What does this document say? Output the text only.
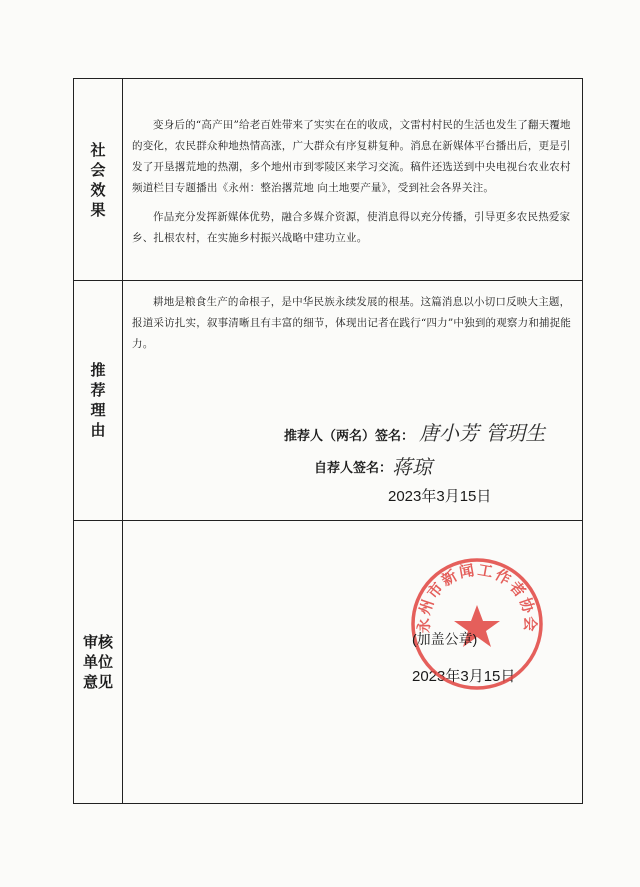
社
会
效
果

变身后的“高产田”给老百姓带来了实实在在的收成，文雷村村民的生活也发生了翻天覆地的变化，农民群众种地热情高涨，广大群众有序复耕复种。消息在新媒体平台播出后，更是引发了开垦撂荒地的热潮，多个地州市到零陵区来学习交流。稿件还选送到中央电视台农业农村频道栏目专题播出《永州：整治撂荒地 向土地要产量》，受到社会各界关注。

作品充分发挥新媒体优势，融合多媒介资源，使消息得以充分传播，引导更多农民热爱家乡、扎根农村，在实施乡村振兴战略中建功立业。

推
荐
理
由

耕地是粮食生产的命根子，是中华民族永续发展的根基。这篇消息以小切口反映大主题，报道采访扎实，叙事清晰且有丰富的细节，体现出记者在践行“四力”中独到的观察力和捕捉能力。

推荐人（两名）签名： 唐小芳 管玥生
自荐人签名： 蒋琼
2023年3月15日
审核
单位
意见	2023年3月15日
永州市新闻工作者协会
(加盖公章)
